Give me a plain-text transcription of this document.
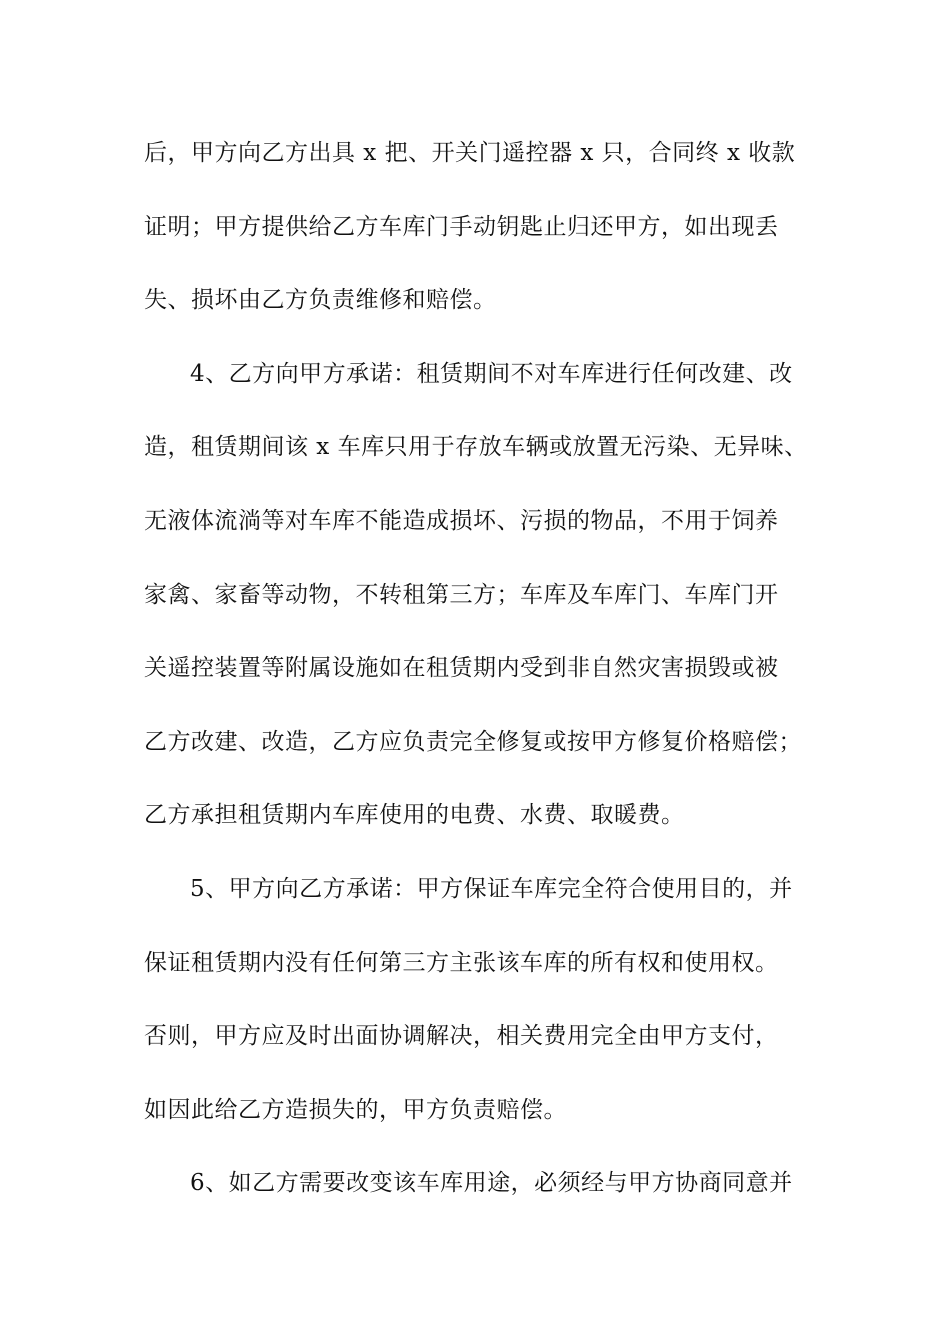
后，甲方向乙方出具 x 把、开关门遥控器 x 只，合同终 x 收款
证明；甲方提供给乙方车库门手动钥匙止归还甲方，如出现丢
失、损坏由乙方负责维修和赔偿。
4、乙方向甲方承诺：租赁期间不对车库进行任何改建、改
造，租赁期间该 x 车库只用于存放车辆或放置无污染、无异味、
无液体流淌等对车库不能造成损坏、污损的物品，不用于饲养
家禽、家畜等动物，不转租第三方；车库及车库门、车库门开
关遥控装置等附属设施如在租赁期内受到非自然灾害损毁或被
乙方改建、改造，乙方应负责完全修复或按甲方修复价格赔偿；
乙方承担租赁期内车库使用的电费、水费、取暖费。
5、甲方向乙方承诺：甲方保证车库完全符合使用目的，并
保证租赁期内没有任何第三方主张该车库的所有权和使用权。
否则，甲方应及时出面协调解决，相关费用完全由甲方支付，
如因此给乙方造损失的，甲方负责赔偿。
6、如乙方需要改变该车库用途，必须经与甲方协商同意并
